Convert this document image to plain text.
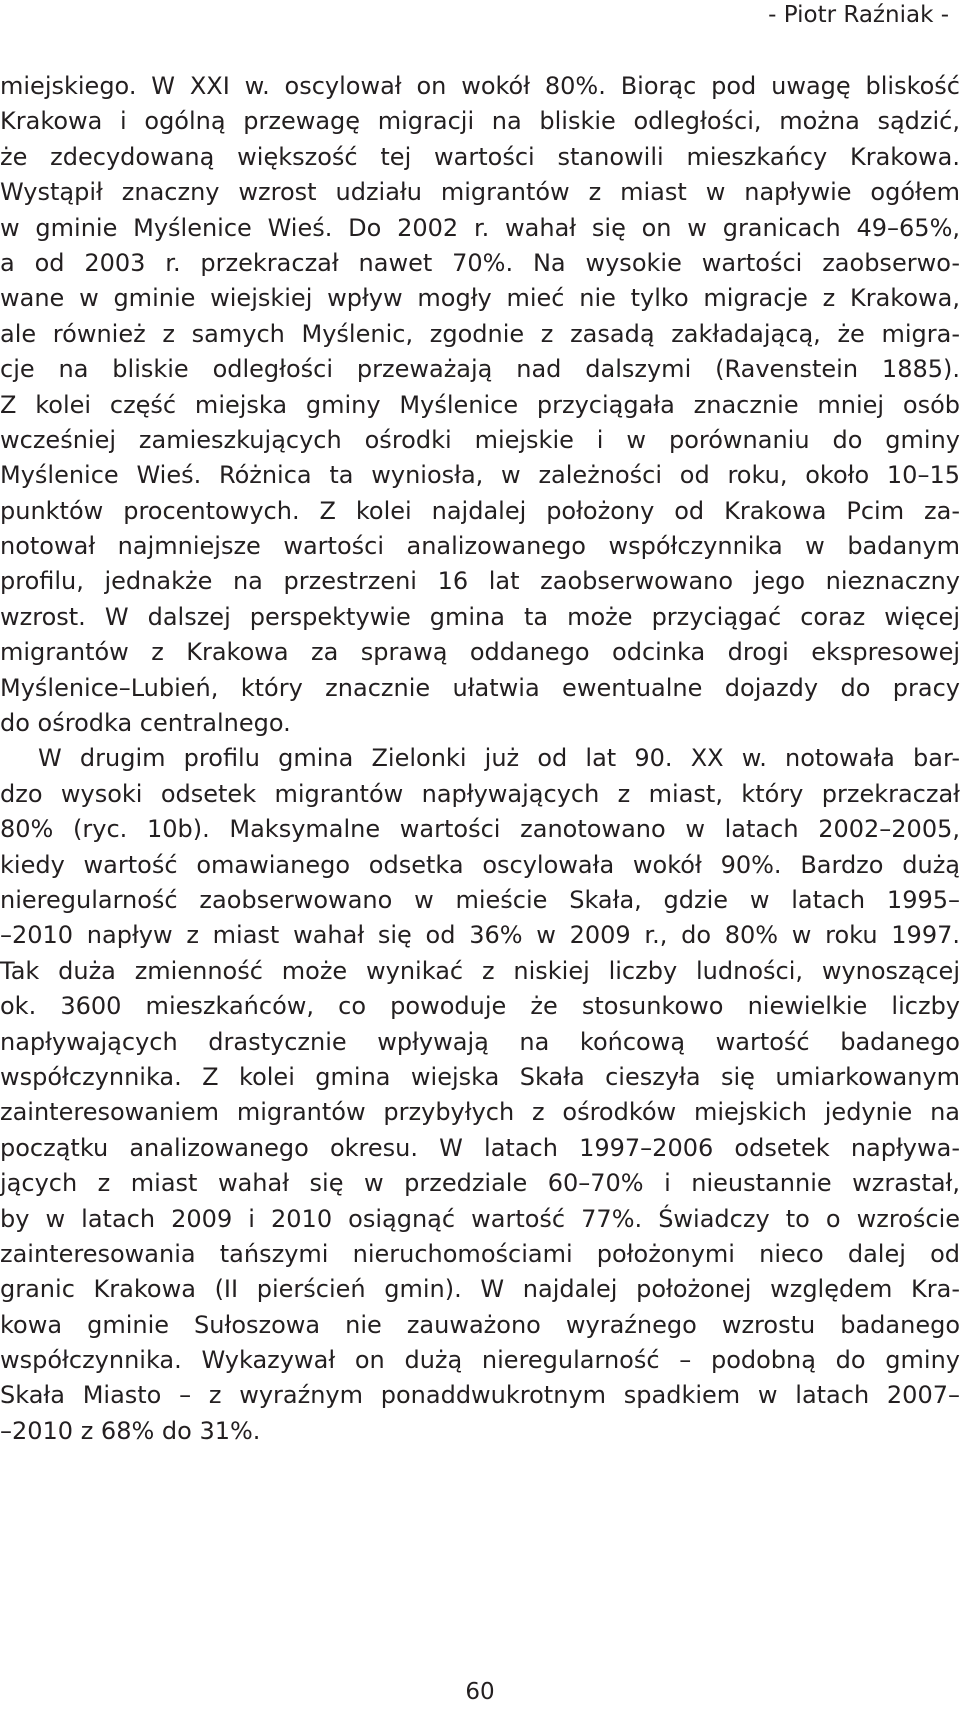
- Piotr Raźniak -
miejskiego. W XXI w. oscylował on wokół 80%. Biorąc pod uwagę bliskość
Krakowa i ogólną przewagę migracji na bliskie odległości, można sądzić,
że zdecydowaną większość tej wartości stanowili mieszkańcy Krakowa.
Wystąpił znaczny wzrost udziału migrantów z miast w napływie ogółem
w gminie Myślenice Wieś. Do 2002 r. wahał się on w granicach 49–65%,
a od 2003 r. przekraczał nawet 70%. Na wysokie wartości zaobserwo-
wane w gminie wiejskiej wpływ mogły mieć nie tylko migracje z Krakowa,
ale również z samych Myślenic, zgodnie z zasadą zakładającą, że migra-
cje na bliskie odległości przeważają nad dalszymi (Ravenstein 1885).
Z kolei część miejska gminy Myślenice przyciągała znacznie mniej osób
wcześniej zamieszkujących ośrodki miejskie i w porównaniu do gminy
Myślenice Wieś. Różnica ta wyniosła, w zależności od roku, około 10–15
punktów procentowych. Z kolei najdalej położony od Krakowa Pcim za-
notował najmniejsze wartości analizowanego współczynnika w badanym
profilu, jednakże na przestrzeni 16 lat zaobserwowano jego nieznaczny
wzrost. W dalszej perspektywie gmina ta może przyciągać coraz więcej
migrantów z Krakowa za sprawą oddanego odcinka drogi ekspresowej
Myślenice–Lubień, który znacznie ułatwia ewentualne dojazdy do pracy
do ośrodka centralnego.
W drugim profilu gmina Zielonki już od lat 90. XX w. notowała bar-
dzo wysoki odsetek migrantów napływających z miast, który przekraczał
80% (ryc. 10b). Maksymalne wartości zanotowano w latach 2002–2005,
kiedy wartość omawianego odsetka oscylowała wokół 90%. Bardzo dużą
nieregularność zaobserwowano w mieście Skała, gdzie w latach 1995–
–2010 napływ z miast wahał się od 36% w 2009 r., do 80% w roku 1997.
Tak duża zmienność może wynikać z niskiej liczby ludności, wynoszącej
ok. 3600 mieszkańców, co powoduje że stosunkowo niewielkie liczby
napływających drastycznie wpływają na końcową wartość badanego
współczynnika. Z kolei gmina wiejska Skała cieszyła się umiarkowanym
zainteresowaniem migrantów przybyłych z ośrodków miejskich jedynie na
początku analizowanego okresu. W latach 1997–2006 odsetek napływa-
jących z miast wahał się w przedziale 60–70% i nieustannie wzrastał,
by w latach 2009 i 2010 osiągnąć wartość 77%. Świadczy to o wzroście
zainteresowania tańszymi nieruchomościami położonymi nieco dalej od
granic Krakowa (II pierścień gmin). W najdalej położonej względem Kra-
kowa gminie Sułoszowa nie zauważono wyraźnego wzrostu badanego
współczynnika. Wykazywał on dużą nieregularność – podobną do gminy
Skała Miasto – z wyraźnym ponaddwukrotnym spadkiem w latach 2007–
–2010 z 68% do 31%.
60
